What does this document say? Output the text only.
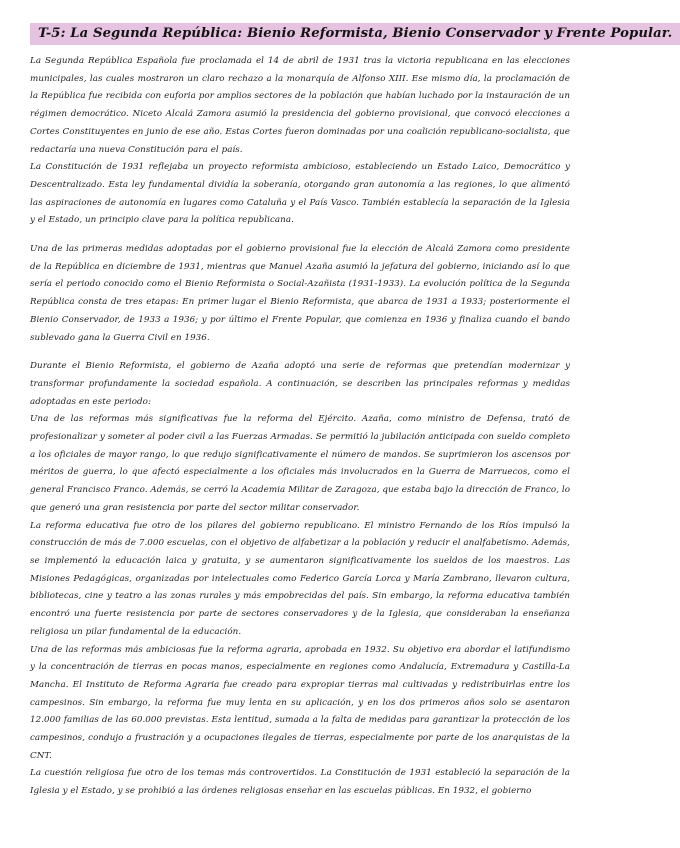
T-5: La Segunda República: Bienio Reformista, Bienio Conservador y Frente Popular.

La Segunda República Española fue proclamada el 14 de abril de 1931 tras la victoria republicana en las elecciones municipales, las cuales mostraron un claro rechazo a la monarquía de Alfonso XIII. Ese mismo día, la proclamación de la República fue recibida con euforia por amplios sectores de la población que habían luchado por la instauración de un régimen democrático. Niceto Alcalá Zamora asumió la presidencia del gobierno provisional, que convocó elecciones a Cortes Constituyentes en junio de ese año. Estas Cortes fueron dominadas por una coalición republicano-socialista, que redactaría una nueva Constitución para el país.

La Constitución de 1931 reflejaba un proyecto reformista ambicioso, estableciendo un Estado Laico, Democrático y Descentralizado. Esta ley fundamental dividía la soberanía, otorgando gran autonomía a las regiones, lo que alimentó las aspiraciones de autonomía en lugares como Cataluña y el País Vasco. También establecía la separación de la Iglesia y el Estado, un principio clave para la política republicana.

Una de las primeras medidas adoptadas por el gobierno provisional fue la elección de Alcalá Zamora como presidente de la República en diciembre de 1931, mientras que Manuel Azaña asumió la jefatura del gobierno, iniciando así lo que sería el periodo conocido como el Bienio Reformista o Social-Azañista (1931-1933). La evolución política de la Segunda República consta de tres etapas: En primer lugar el Bienio Reformista, que abarca de 1931 a 1933; posteriormente el Bienio Conservador, de 1933 a 1936; y por último el Frente Popular, que comienza en 1936 y finaliza cuando el bando sublevado gana la Guerra Civil en 1936.

Durante el Bienio Reformista, el gobierno de Azaña adoptó una serie de reformas que pretendían modernizar y transformar profundamente la sociedad española. A continuación, se describen las principales reformas y medidas adoptadas en este periodo:

Una de las reformas más significativas fue la reforma del Ejército. Azaña, como ministro de Defensa, trató de profesionalizar y someter al poder civil a las Fuerzas Armadas. Se permitió la jubilación anticipada con sueldo completo a los oficiales de mayor rango, lo que redujo significativamente el número de mandos. Se suprimieron los ascensos por méritos de guerra, lo que afectó especialmente a los oficiales más involucrados en la Guerra de Marruecos, como el general Francisco Franco. Además, se cerró la Academia Militar de Zaragoza, que estaba bajo la dirección de Franco, lo que generó una gran resistencia por parte del sector militar conservador.

La reforma educativa fue otro de los pilares del gobierno republicano. El ministro Fernando de los Ríos impulsó la construcción de más de 7.000 escuelas, con el objetivo de alfabetizar a la población y reducir el analfabetismo. Además, se implementó la educación laica y gratuita, y se aumentaron significativamente los sueldos de los maestros. Las Misiones Pedagógicas, organizadas por intelectuales como Federico García Lorca y María Zambrano, llevaron cultura, bibliotecas, cine y teatro a las zonas rurales y más empobrecidas del país. Sin embargo, la reforma educativa también encontró una fuerte resistencia por parte de sectores conservadores y de la Iglesia, que consideraban la enseñanza religiosa un pilar fundamental de la educación.

Una de las reformas más ambiciosas fue la reforma agraria, aprobada en 1932. Su objetivo era abordar el latifundismo y la concentración de tierras en pocas manos, especialmente en regiones como Andalucía, Extremadura y Castilla-La Mancha. El Instituto de Reforma Agraria fue creado para expropiar tierras mal cultivadas y redistribuirlas entre los campesinos. Sin embargo, la reforma fue muy lenta en su aplicación, y en los dos primeros años solo se asentaron 12.000 familias de las 60.000 previstas. Esta lentitud, sumada a la falta de medidas para garantizar la protección de los campesinos, condujo a frustración y a ocupaciones ilegales de tierras, especialmente por parte de los anarquistas de la CNT.

La cuestión religiosa fue otro de los temas más controvertidos. La Constitución de 1931 estableció la separación de la Iglesia y el Estado, y se prohibió a las órdenes religiosas enseñar en las escuelas públicas. En 1932, el gobierno
